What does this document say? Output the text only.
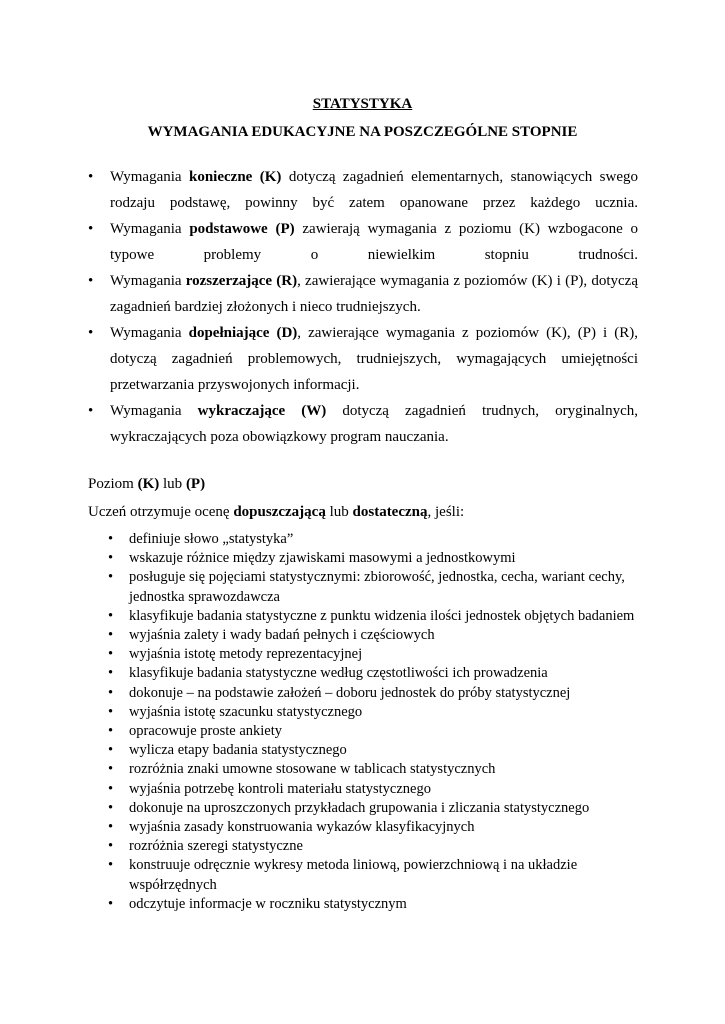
STATYSTYKA
WYMAGANIA EDUKACYJNE NA POSZCZEGÓLNE STOPNIE
• Wymagania konieczne (K) dotyczą zagadnień elementarnych, stanowiących swego rodzaju podstawę, powinny być zatem opanowane przez każdego ucznia.
• Wymagania podstawowe (P) zawierają wymagania z poziomu (K) wzbogacone o typowe problemy o niewielkim stopniu trudności.
• Wymagania rozszerzające (R), zawierające wymagania z poziomów (K) i (P), dotyczą zagadnień bardziej złożonych i nieco trudniejszych.
• Wymagania dopełniające (D), zawierające wymagania z poziomów (K), (P) i (R), dotyczą zagadnień problemowych, trudniejszych, wymagających umiejętności przetwarzania przyswojonych informacji.
• Wymagania wykraczające (W) dotyczą zagadnień trudnych, oryginalnych, wykraczających poza obowiązkowy program nauczania.
Poziom (K) lub (P)
Uczeń otrzymuje ocenę dopuszczającą lub dostateczną, jeśli:
• definiuje słowo „statystyka”
• wskazuje różnice między zjawiskami masowymi a jednostkowymi
• posługuje się pojęciami statystycznymi: zbiorowość, jednostka, cecha, wariant cechy, jednostka sprawozdawcza
• klasyfikuje badania statystyczne z punktu widzenia ilości jednostek objętych badaniem
• wyjaśnia zalety i wady badań pełnych i częściowych
• wyjaśnia istotę metody reprezentacyjnej
• klasyfikuje badania statystyczne według częstotliwości ich prowadzenia
• dokonuje – na podstawie założeń – doboru jednostek do próby statystycznej
• wyjaśnia istotę szacunku statystycznego
• opracowuje proste ankiety
• wylicza etapy badania statystycznego
• rozróżnia znaki umowne stosowane w tablicach statystycznych
• wyjaśnia potrzebę kontroli materiału statystycznego
• dokonuje na uproszczonych przykładach grupowania i zliczania statystycznego
• wyjaśnia zasady konstruowania wykazów klasyfikacyjnych
• rozróżnia szeregi statystyczne
• konstruuje odręcznie wykresy metoda liniową, powierzchniową i na układzie współrzędnych
• odczytuje informacje w roczniku statystycznym
